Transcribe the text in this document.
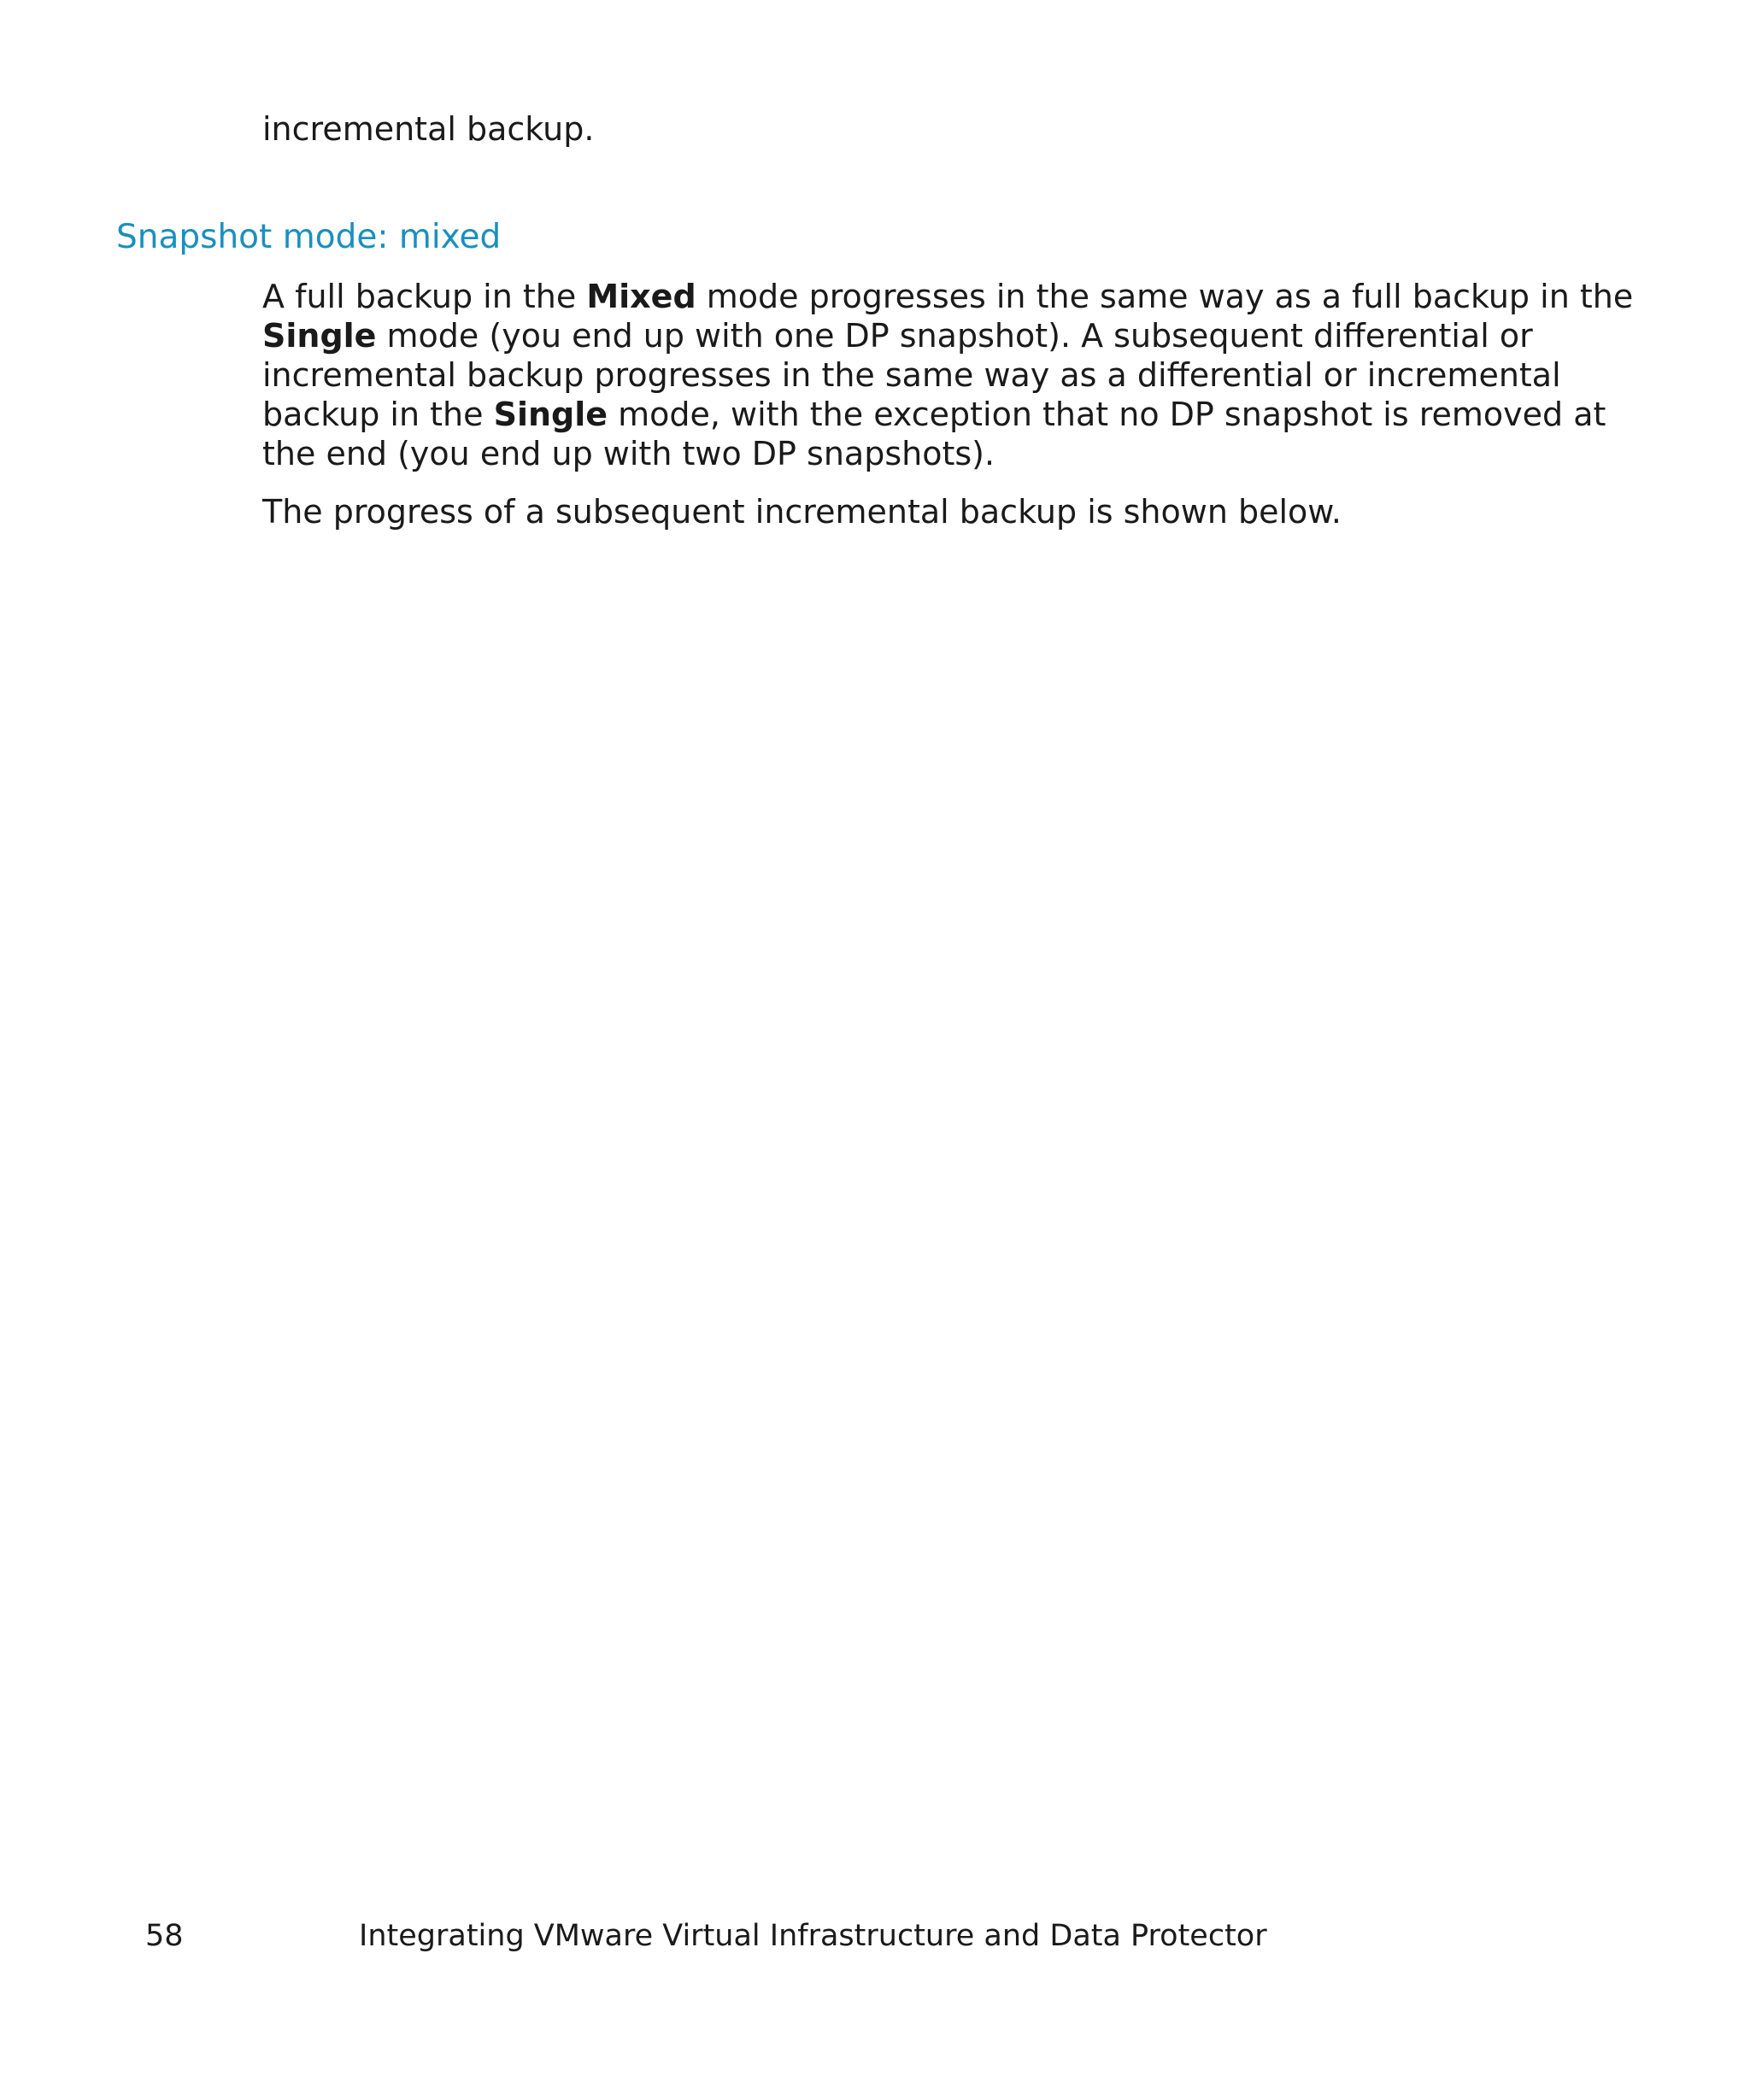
incremental backup.
Snapshot mode: mixed
A full backup in the Mixed mode progresses in the same way as a full backup in the
Single mode (you end up with one DP snapshot). A subsequent differential or
incremental backup progresses in the same way as a differential or incremental
backup in the Single mode, with the exception that no DP snapshot is removed at
the end (you end up with two DP snapshots).
The progress of a subsequent incremental backup is shown below.
58	Integrating VMware Virtual Infrastructure and Data Protector
